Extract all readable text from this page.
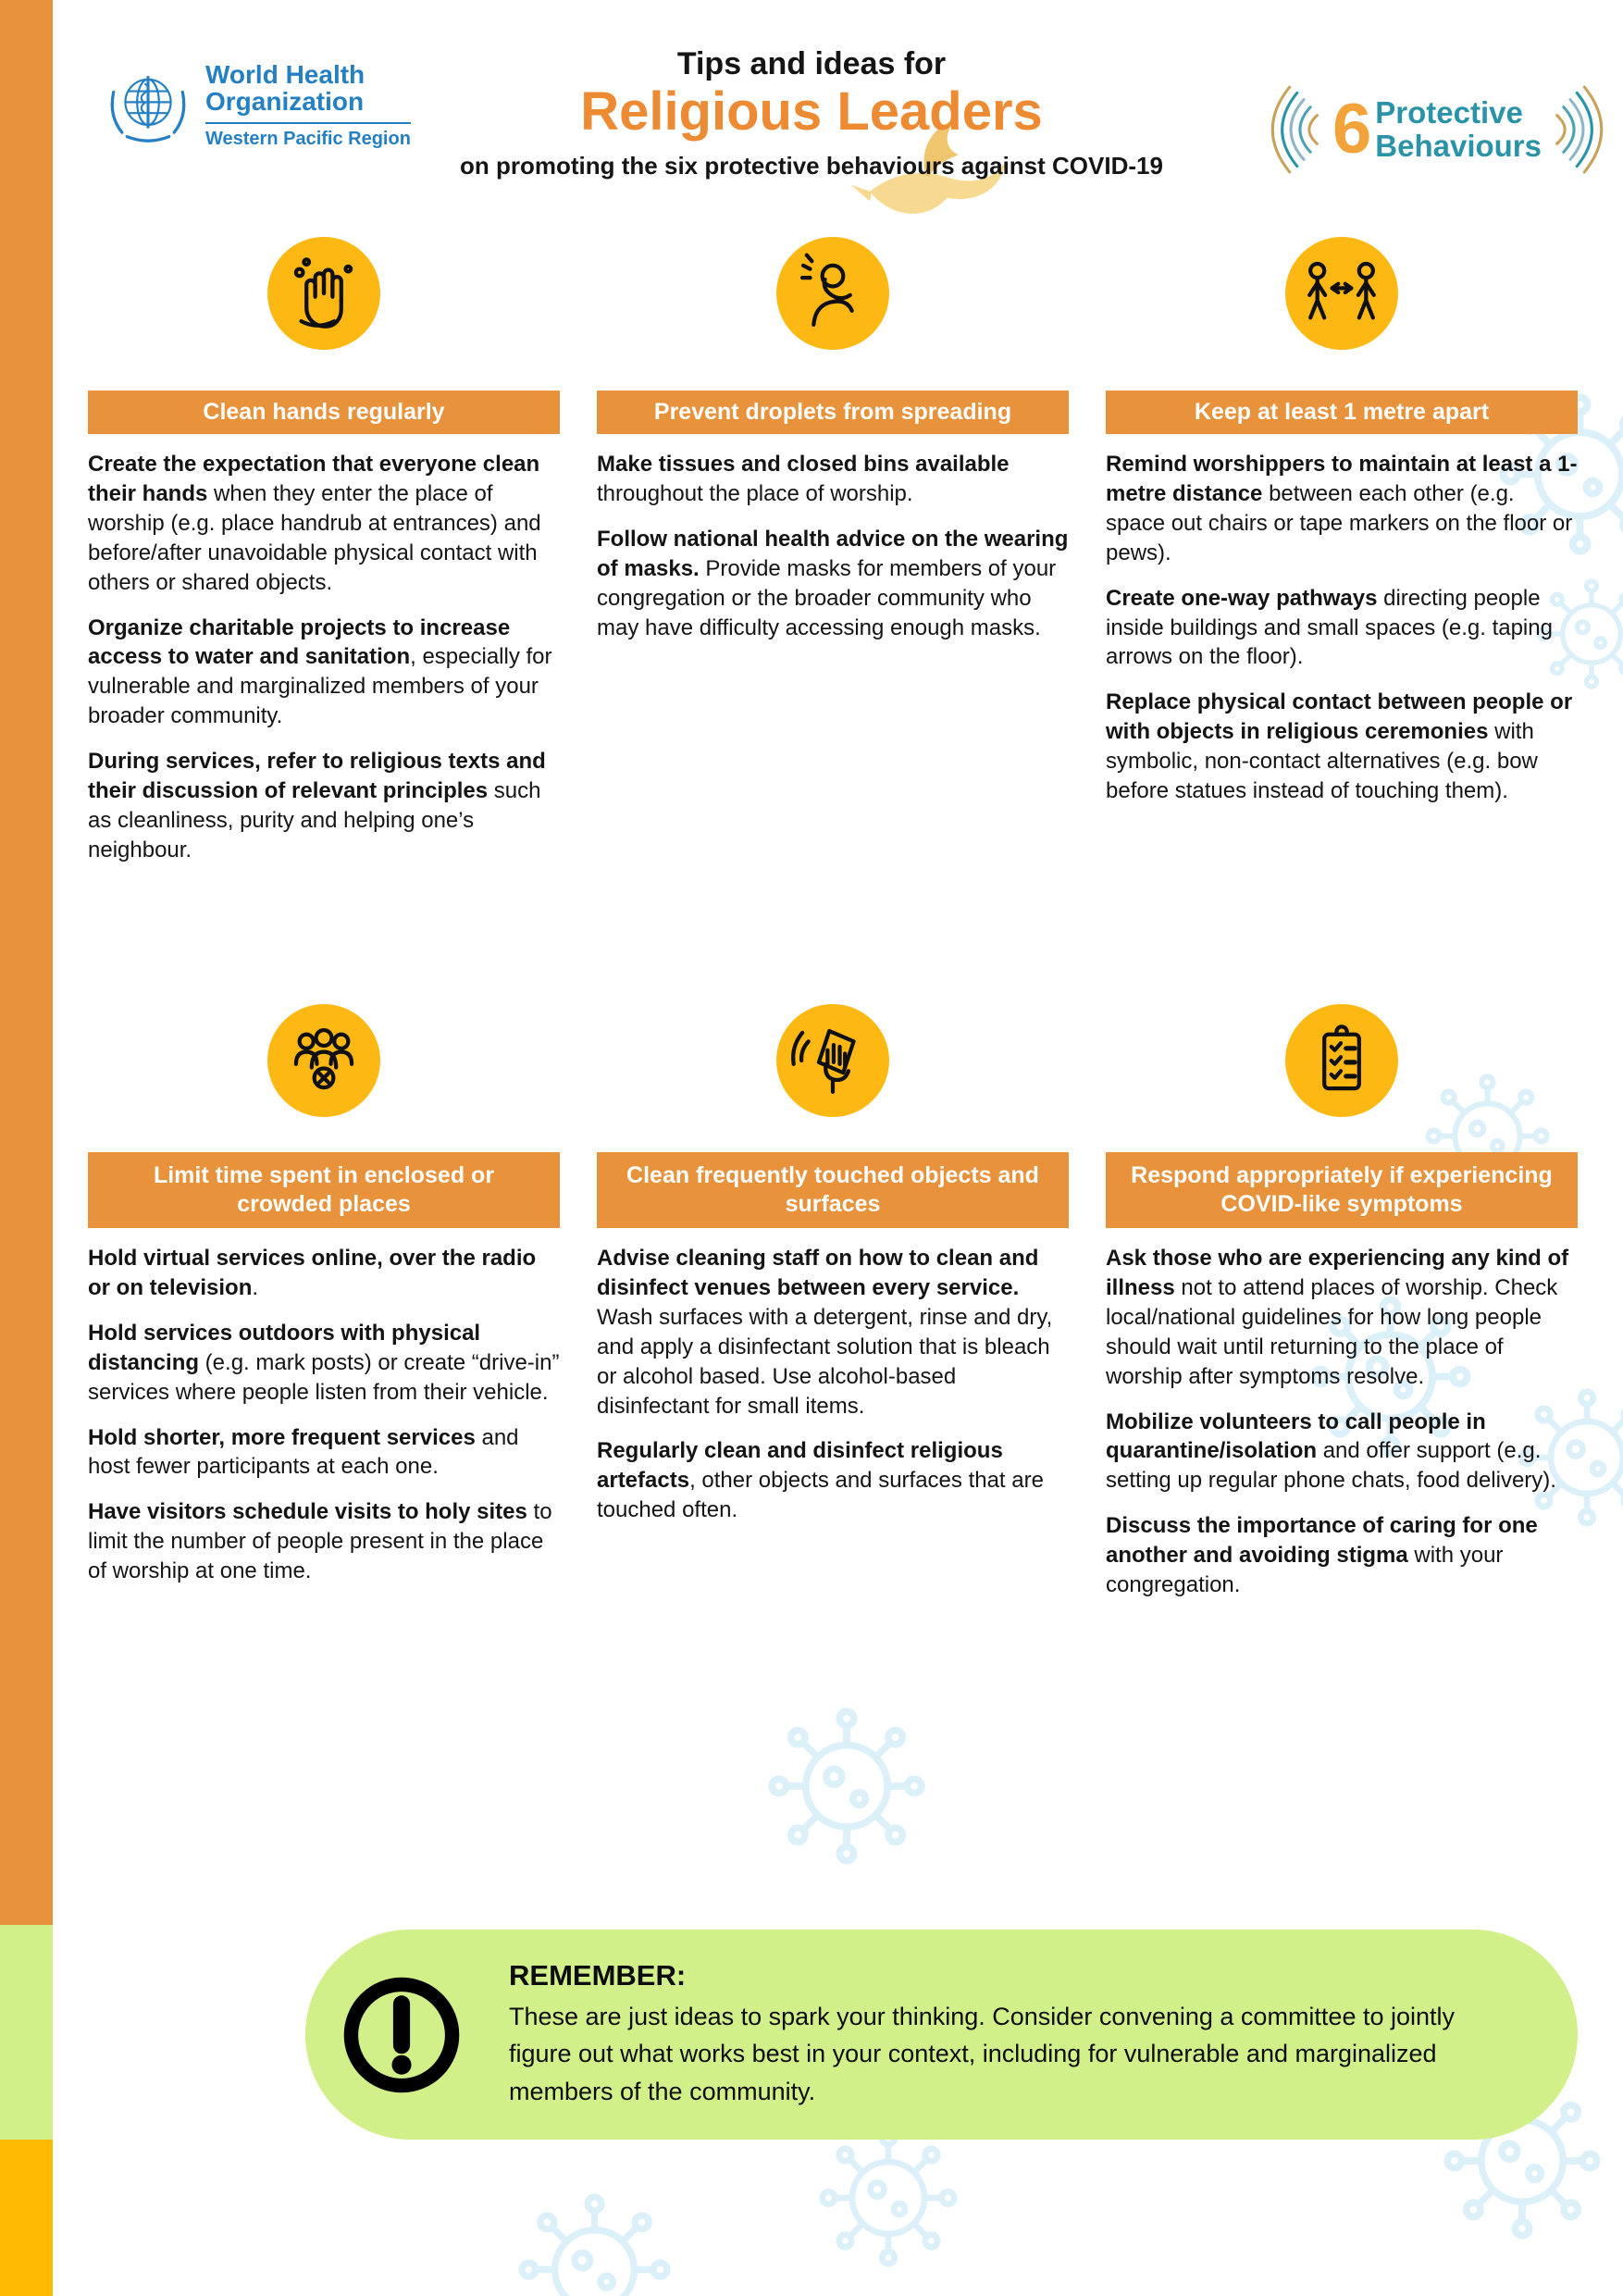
World Health
Organization
Western Pacific Region
Tips and ideas for
Religious Leaders
on promoting the six protective behaviours against COVID-19	6 Protective
Behaviours
Clean hands regularly

Create the expectation that everyone clean their hands when they enter the place of worship (e.g. place handrub at entrances) and before/after unavoidable physical contact with others or shared objects.

Organize charitable projects to increase access to water and sanitation, especially for vulnerable and marginalized members of your broader community.

During services, refer to religious texts and their discussion of relevant principles such as cleanliness, purity and helping one’s neighbour.

Prevent droplets from spreading

Make tissues and closed bins available throughout the place of worship.

Follow national health advice on the wearing of masks. Provide masks for members of your congregation or the broader community who may have difficulty accessing enough masks.

Keep at least 1 metre apart

Remind worshippers to maintain at least a 1-metre distance between each other (e.g. space out chairs or tape markers on the floor or pews).

Create one-way pathways directing people inside buildings and small spaces (e.g. taping arrows on the floor).

Replace physical contact between people or with objects in religious ceremonies with symbolic, non-contact alternatives (e.g. bow before statues instead of touching them).

Limit time spent in enclosed or crowded places

Hold virtual services online, over the radio or on television.

Hold services outdoors with physical distancing (e.g. mark posts) or create “drive-in” services where people listen from their vehicle.

Hold shorter, more frequent services and host fewer participants at each one.

Have visitors schedule visits to holy sites to limit the number of people present in the place of worship at one time.

Clean frequently touched objects and surfaces

Advise cleaning staff on how to clean and disinfect venues between every service. Wash surfaces with a detergent, rinse and dry, and apply a disinfectant solution that is bleach or alcohol based. Use alcohol-based disinfectant for small items.

Regularly clean and disinfect religious artefacts, other objects and surfaces that are touched often.

Respond appropriately if experiencing COVID-like symptoms

Ask those who are experiencing any kind of illness not to attend places of worship. Check local/national guidelines for how long people should wait until returning to the place of worship after symptoms resolve.

Mobilize volunteers to call people in quarantine/isolation and offer support (e.g. setting up regular phone chats, food delivery).

Discuss the importance of caring for one another and avoiding stigma with your congregation.

REMEMBER:
These are just ideas to spark your thinking. Consider convening a committee to jointly figure out what works best in your context, including for vulnerable and marginalized members of the community.
